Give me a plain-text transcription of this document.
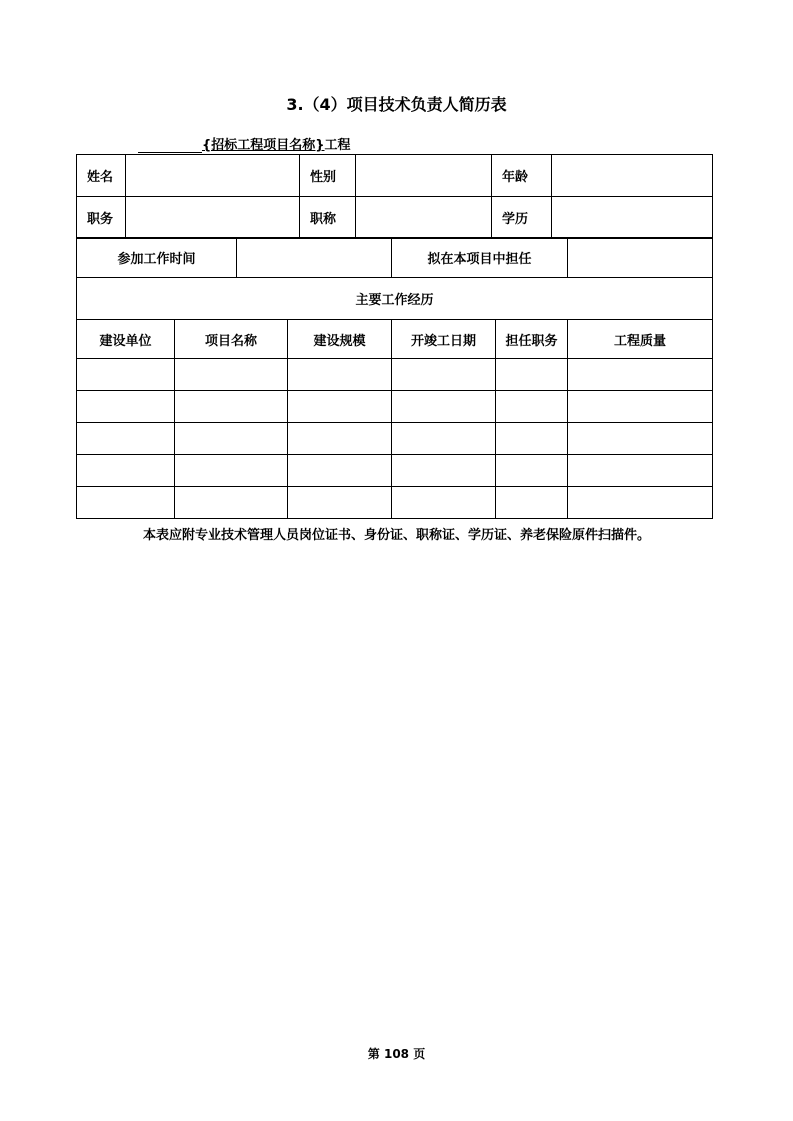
3.（4）项目技术负责人简历表
{招标工程项目名称}工程
姓名		性别		年龄	
职务		职称		学历	
参加工作时间				拟在本项目中担任		
主要工作经历						
建设单位	项目名称		建设规模	开竣工日期	担任职务	工程质量

本表应附专业技术管理人员岗位证书、身份证、职称证、学历证、养老保险原件扫描件。
第 108 页
